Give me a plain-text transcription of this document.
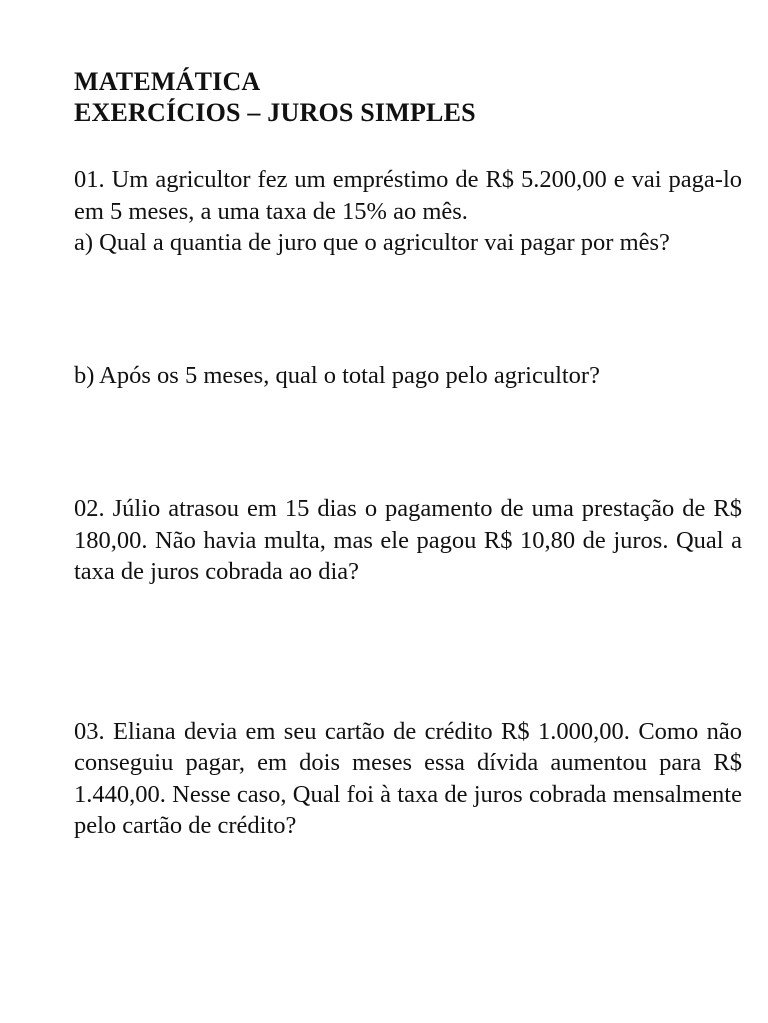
MATEMÁTICA

EXERCÍCIOS – JUROS SIMPLES

01. Um agricultor fez um empréstimo de R$ 5.200,00 e vai paga-lo em 5 meses, a uma taxa de 15% ao mês.

a) Qual a quantia de juro que o agricultor vai pagar por mês?

b) Após os 5 meses, qual o total pago pelo agricultor?

02. Júlio atrasou em 15 dias o pagamento de uma prestação de R$ 180,00. Não havia multa, mas ele pagou R$ 10,80 de juros. Qual a taxa de juros cobrada ao dia?

03. Eliana devia em seu cartão de crédito R$ 1.000,00. Como não conseguiu pagar, em dois meses essa dívida aumentou para R$ 1.440,00. Nesse caso, Qual foi à taxa de juros cobrada mensalmente pelo cartão de crédito?
